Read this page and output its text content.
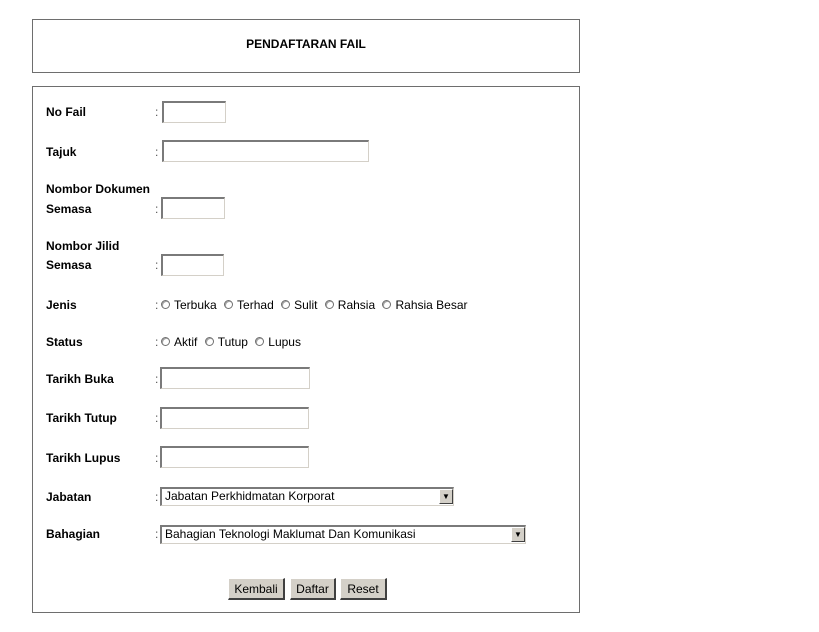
PENDAFTARAN FAIL
No Fail	:
Tajuk	:
Nombor Dokumen
Semasa	:
Nombor Jilid
Semasa	:
Jenis	: Terbuka
Terhad
Sulit
Rahsia
Rahsia Besar
Status	: Aktif
Tutup
Lupus
Tarikh Buka	:
Tarikh Tutup	:
Tarikh Lupus	:
Jabatan	: Jabatan Perkhidmatan Korporat	▼
Bahagian	: Bahagian Teknologi Maklumat Dan Komunikasi	▼
Kembali	Daftar	Reset
